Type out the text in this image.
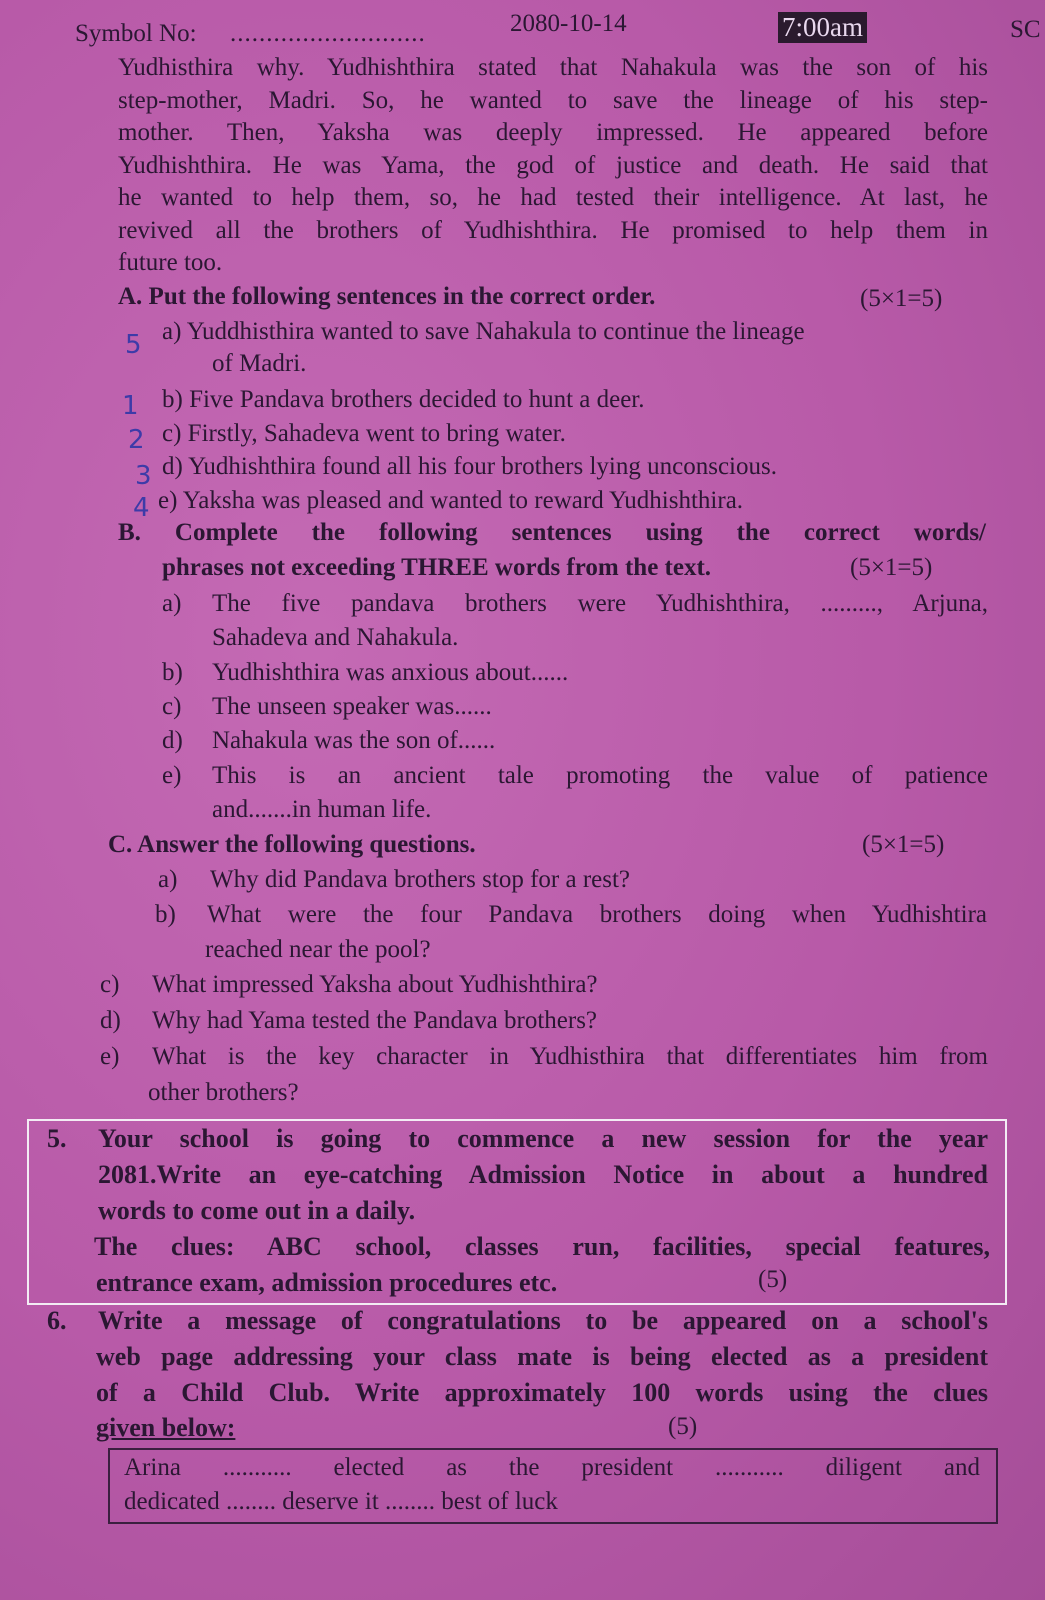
Symbol No: ...........................	2080-10-14	7:00am	SC
Yudhisthira why. Yudhishthira stated that Nahakula was the son of his
step-mother, Madri. So, he wanted to save the lineage of his step-
mother. Then, Yaksha was deeply impressed. He appeared before
Yudhishthira. He was Yama, the god of justice and death. He said that
he wanted to help them, so, he had tested their intelligence. At last, he
revived all the brothers of Yudhishthira. He promised to help them in
future too.
A. Put the following sentences in the correct order.	(5×1=5)
5 a) Yuddhisthira wanted to save Nahakula to continue the lineage
of Madri.
1 b) Five Pandava brothers decided to hunt a deer.
2 c) Firstly, Sahadeva went to bring water.
3 d) Yudhishthira found all his four brothers lying unconscious.
4 e) Yaksha was pleased and wanted to reward Yudhishthira.
B. Complete the following sentences using the correct words/
phrases not exceeding THREE words from the text.	(5×1=5)
a) The five pandava brothers were Yudhishthira, ........., Arjuna,
Sahadeva and Nahakula.
b) Yudhishthira was anxious about......
c) The unseen speaker was......
d) Nahakula was the son of......
e) This is an ancient tale promoting the value of patience
and.......in human life.
C. Answer the following questions.	(5×1=5)
a) Why did Pandava brothers stop for a rest?
b) What were the four Pandava brothers doing when Yudhishtira
reached near the pool?
c) What impressed Yaksha about Yudhishthira?
d) Why had Yama tested the Pandava brothers?
e) What is the key character in Yudhisthira that differentiates him from
other brothers?
5. Your school is going to commence a new session for the year
2081.Write an eye-catching Admission Notice in about a hundred
words to come out in a daily.
The clues: ABC school, classes run, facilities, special features,
entrance exam, admission procedures etc.	(5)
6. Write a message of congratulations to be appeared on a school's
web page addressing your class mate is being elected as a president
of a Child Club. Write approximately 100 words using the clues
given below:	(5)
Arina ........... elected as the president ........... diligent and
dedicated ........ deserve it ........ best of luck
